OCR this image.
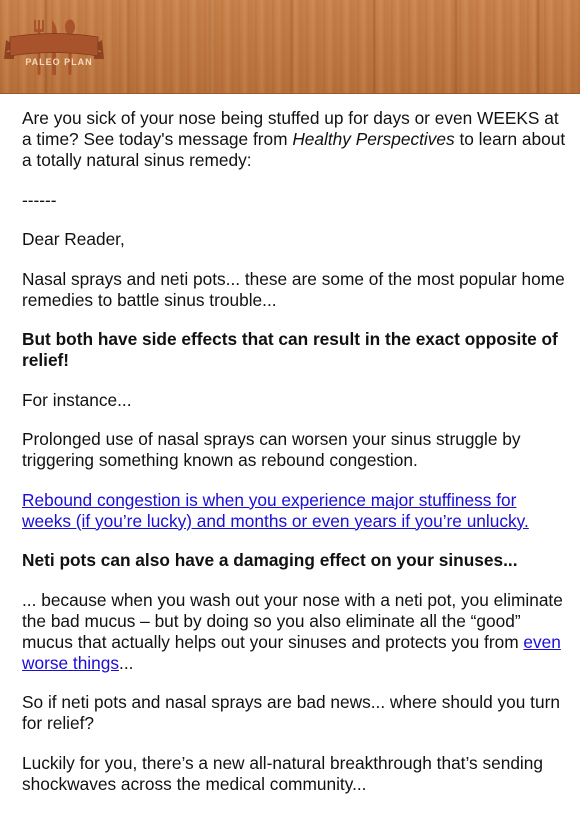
PALEO PLAN

Are you sick of your nose being stuffed up for days or even WEEKS at a time? See today's message from Healthy Perspectives to learn about a totally natural sinus remedy:

------

Dear Reader,

Nasal sprays and neti pots... these are some of the most popular home remedies to battle sinus trouble...

But both have side effects that can result in the exact opposite of relief!

For instance...

Prolonged use of nasal sprays can worsen your sinus struggle by triggering something known as rebound congestion.

Rebound congestion is when you experience major stuffiness for weeks (if you’re lucky) and months or even years if you’re unlucky.

Neti pots can also have a damaging effect on your sinuses...

... because when you wash out your nose with a neti pot, you eliminate the bad mucus – but by doing so you also eliminate all the “good” mucus that actually helps out your sinuses and protects you from even worse things...

So if neti pots and nasal sprays are bad news... where should you turn for relief?

Luckily for you, there’s a new all-natural breakthrough that’s sending shockwaves across the medical community...
